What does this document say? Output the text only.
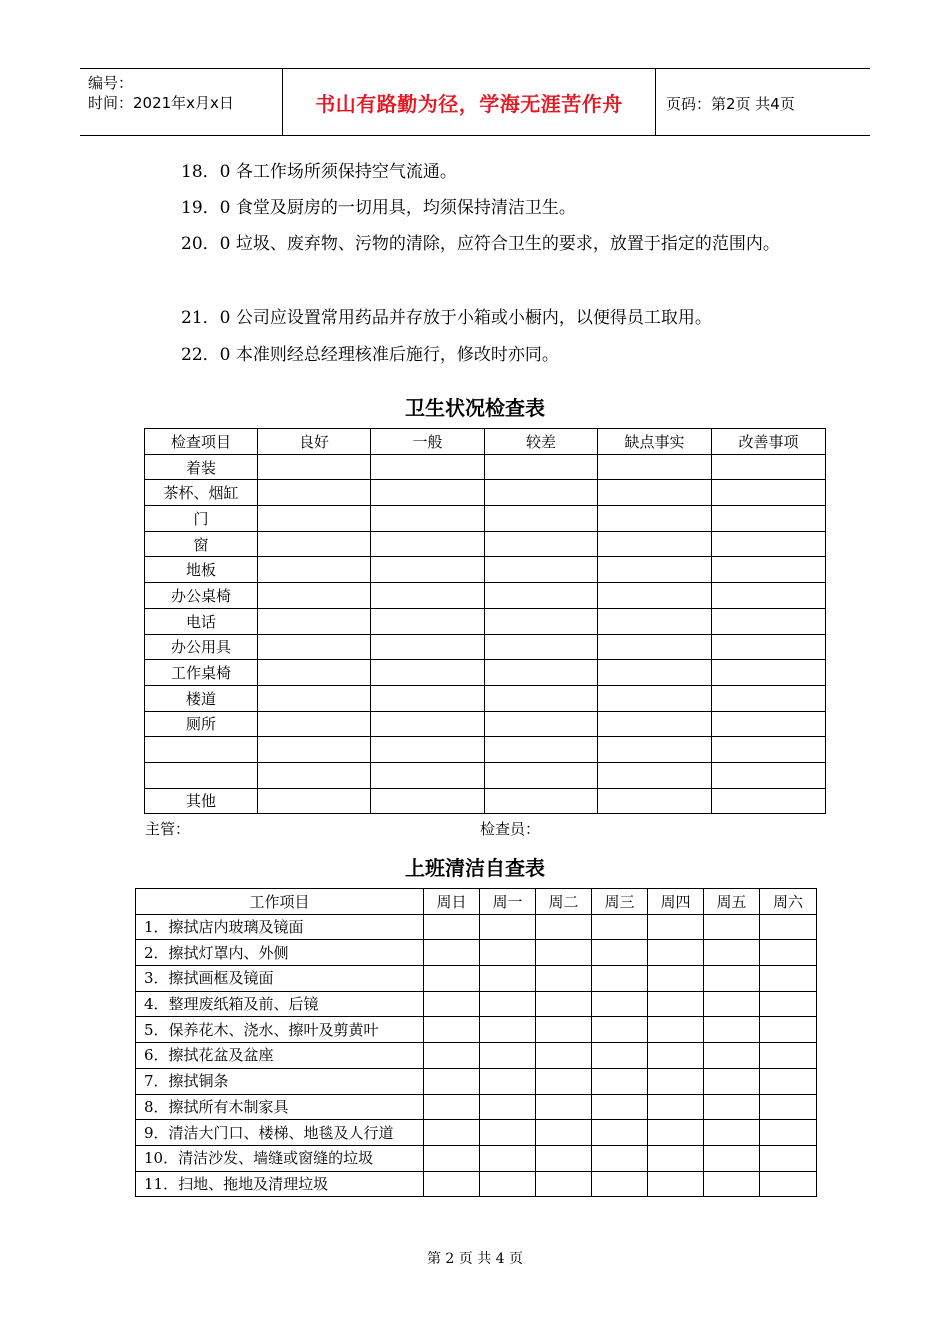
编号：
时间：2021年x月x日	书山有路勤为径，学海无涯苦作舟	页码：第2页 共4页
18．0 各工作场所须保持空气流通。
19．0 食堂及厨房的一切用具，均须保持清洁卫生。
20．0 垃圾、废弃物、污物的清除，应符合卫生的要求，放置于指定的范围内。
21．0 公司应设置常用药品并存放于小箱或小橱内，以便得员工取用。
22．0 本准则经总经理核准后施行，修改时亦同。
卫生状况检查表
检查项目	良好	一般	较差	缺点事实	改善事项
着装					
茶杯、烟缸					
门					
窗					
地板					
办公桌椅					
电话					
办公用具					
工作桌椅					
楼道					
厕所					

其他					
主管：	检查员：
上班清洁自查表
工作项目	周日	周一	周二	周三	周四	周五	周六
1．擦拭店内玻璃及镜面							
2．擦拭灯罩内、外侧							
3．擦拭画框及镜面							
4．整理废纸箱及前、后镜							
5．保养花木、浇水、擦叶及剪黄叶							
6．擦拭花盆及盆座							
7．擦拭铜条							
8．擦拭所有木制家具							
9．清洁大门口、楼梯、地毯及人行道							
10．清洁沙发、墙缝或窗缝的垃圾							
11．扫地、拖地及清理垃圾							
第 2 页 共 4 页
